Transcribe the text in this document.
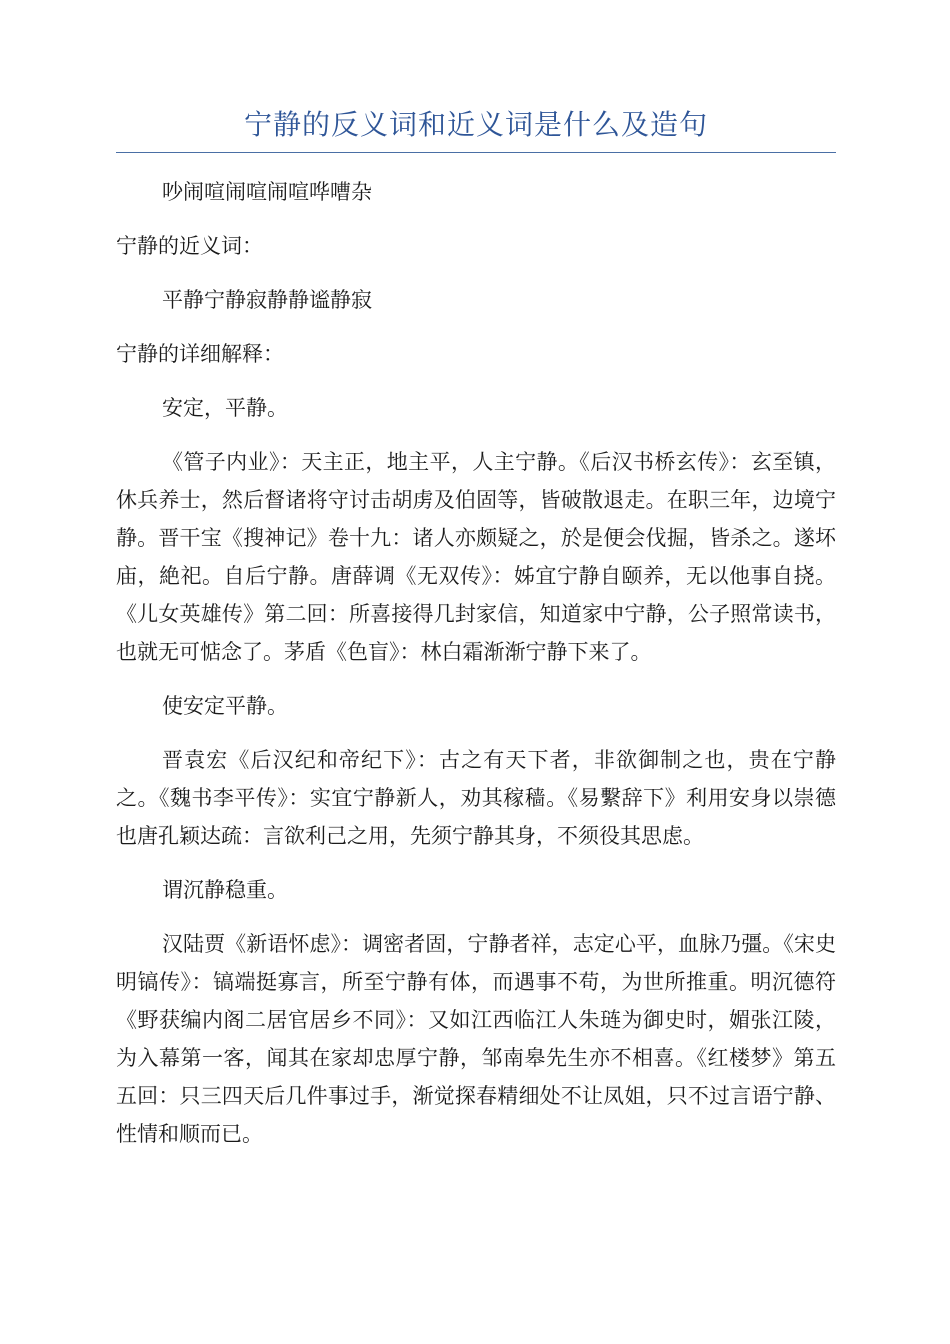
宁静的反义词和近义词是什么及造句

吵闹喧闹喧闹喧哗嘈杂

宁静的近义词：

平静宁静寂静静谧静寂

宁静的详细解释：

安定，平静。

《管子内业》：天主正，地主平，人主宁静。《后汉书桥玄传》：玄至镇，休兵养士，然后督诸将守讨击胡虏及伯固等，皆破散退走。在职三年，边境宁静。晋干宝《搜神记》卷十九：诸人亦颇疑之，於是便会伐掘，皆杀之。遂坏庙，絶祀。自后宁静。唐薛调《无双传》：姊宜宁静自颐养，无以他事自挠。《儿女英雄传》第二回：所喜接得几封家信，知道家中宁静，公子照常读书，也就无可惦念了。茅盾《色盲》：林白霜渐渐宁静下来了。

使安定平静。

晋袁宏《后汉纪和帝纪下》：古之有天下者，非欲御制之也，贵在宁静之。《魏书李平传》：实宜宁静新人，劝其稼穑。《易繫辞下》利用安身以崇德也唐孔颖达疏：言欲利己之用，先须宁静其身，不须役其思虑。

谓沉静稳重。

汉陆贾《新语怀虑》：调密者固，宁静者祥，志定心平，血脉乃彊。《宋史明镐传》：镐端挺寡言，所至宁静有体，而遇事不苟，为世所推重。明沉德符《野获编内阁二居官居乡不同》：又如江西临江人朱琏为御史时，媚张江陵，为入幕第一客，闻其在家却忠厚宁静，邹南皋先生亦不相喜。《红楼梦》第五五回：只三四天后几件事过手，渐觉探春精细处不让凤姐，只不过言语宁静、性情和顺而已。
